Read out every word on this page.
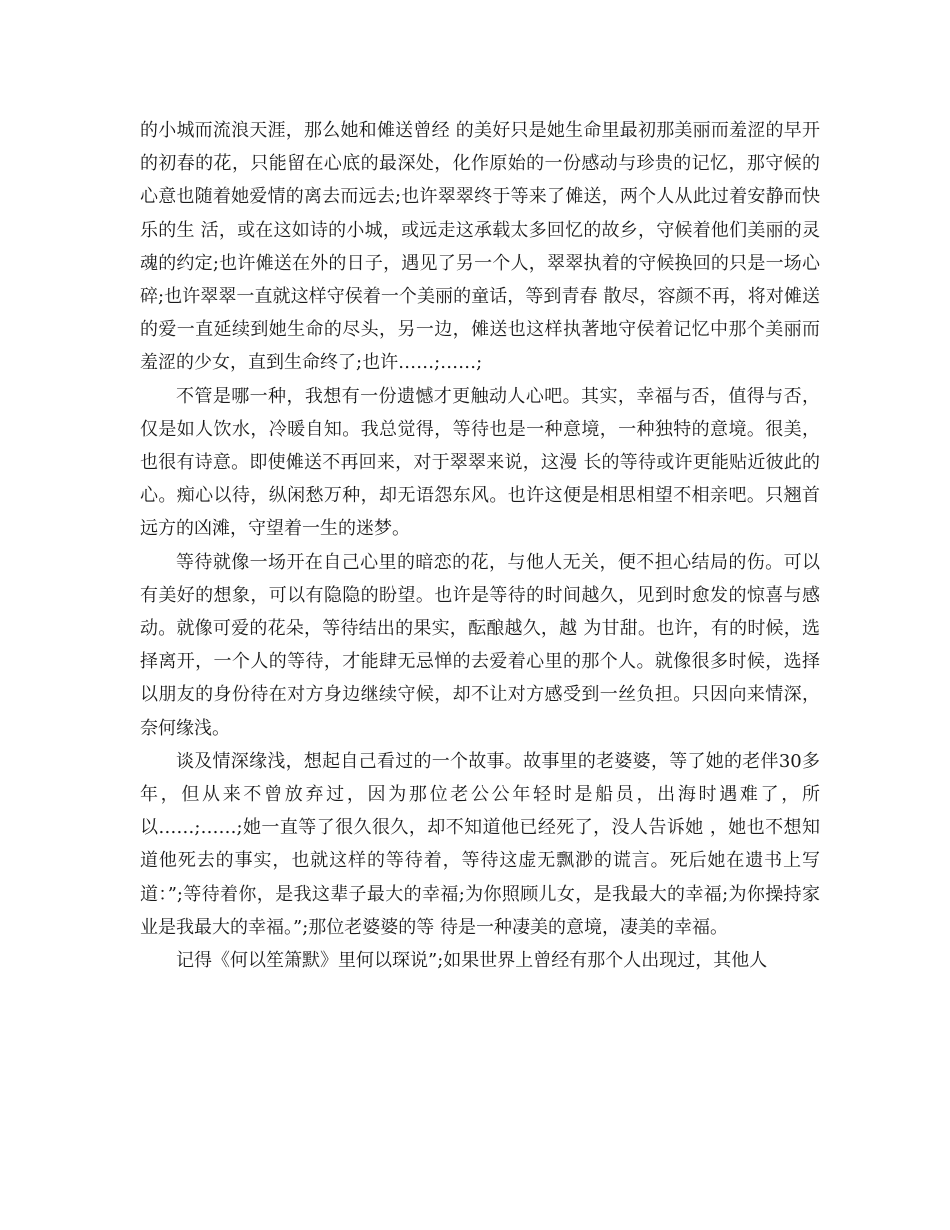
的小城而流浪天涯，那么她和傩送曾经 的美好只是她生命里最初那美丽而羞涩的早开的初春的花，只能留在心底的最深处，化作原始的一份感动与珍贵的记忆，那守候的心意也随着她爱情的离去而远去;也许翠翠终于等来了傩送，两个人从此过着安静而快乐的生 活，或在这如诗的小城，或远走这承载太多回忆的故乡，守候着他们美丽的灵魂的约定;也许傩送在外的日子，遇见了另一个人，翠翠执着的守候换回的只是一场心碎;也许翠翠一直就这样守侯着一个美丽的童话，等到青春 散尽，容颜不再，将对傩送的爱一直延续到她生命的尽头，另一边，傩送也这样执著地守侯着记忆中那个美丽而羞涩的少女，直到生命终了;也许……;……;

不管是哪一种，我想有一份遗憾才更触动人心吧。其实，幸福与否，值得与否，仅是如人饮水，冷暖自知。我总觉得，等待也是一种意境，一种独特的意境。很美，也很有诗意。即使傩送不再回来，对于翠翠来说，这漫 长的等待或许更能贴近彼此的心。痴心以待，纵闲愁万种，却无语怨东风。也许这便是相思相望不相亲吧。只翘首远方的凶滩，守望着一生的迷梦。

等待就像一场开在自己心里的暗恋的花，与他人无关，便不担心结局的伤。可以有美好的想象，可以有隐隐的盼望。也许是等待的时间越久，见到时愈发的惊喜与感动。就像可爱的花朵，等待结出的果实，酝酿越久，越 为甘甜。也许，有的时候，选择离开，一个人的等待，才能肆无忌惮的去爱着心里的那个人。就像很多时候，选择以朋友的身份待在对方身边继续守候，却不让对方感受到一丝负担。只因向来情深，奈何缘浅。

谈及情深缘浅，想起自己看过的一个故事。故事里的老婆婆，等了她的老伴30多年，但从来不曾放弃过，因为那位老公公年轻时是船员，出海时遇难了，所以……;……;她一直等了很久很久，却不知道他已经死了，没人告诉她 ，她也不想知道他死去的事实，也就这样的等待着，等待这虚无飘渺的谎言。死后她在遗书上写道：”;等待着你，是我这辈子最大的幸福;为你照顾儿女，是我最大的幸福;为你操持家业是我最大的幸福。”;那位老婆婆的等 待是一种凄美的意境，凄美的幸福。

记得《何以笙箫默》里何以琛说”;如果世界上曾经有那个人出现过，其他人
